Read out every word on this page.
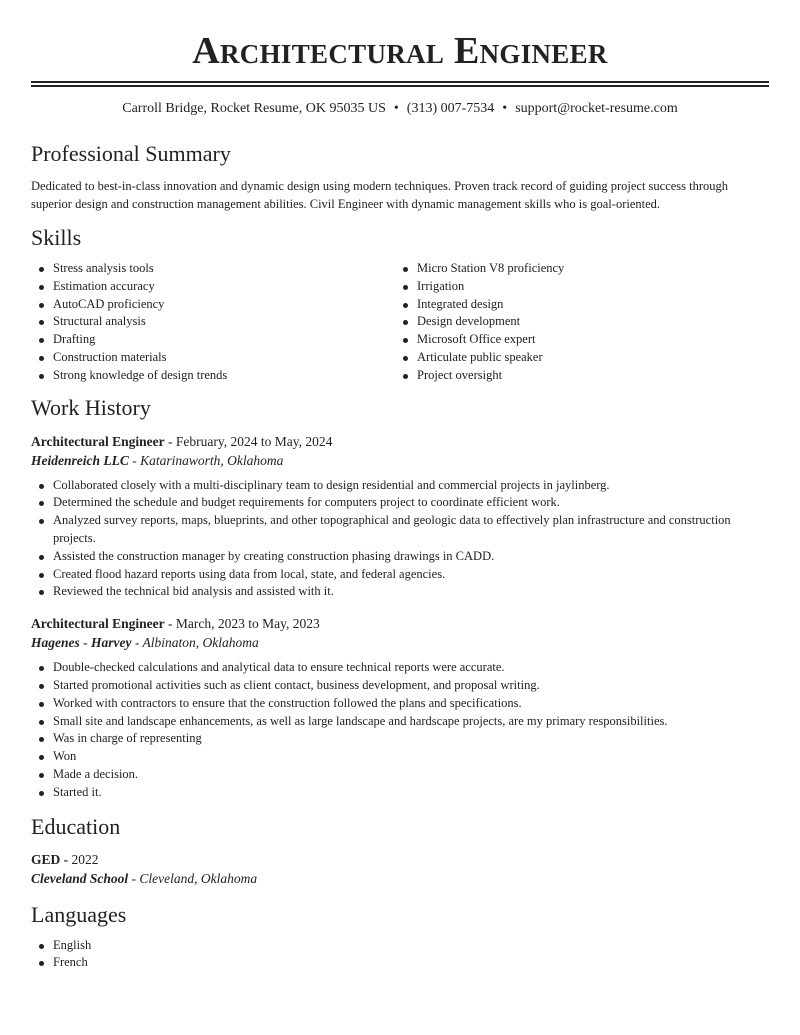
Architectural Engineer
Carroll Bridge, Rocket Resume, OK 95035 US • (313) 007-7534 • support@rocket-resume.com
Professional Summary

Dedicated to best-in-class innovation and dynamic design using modern techniques. Proven track record of guiding project success through superior design and construction management abilities. Civil Engineer with dynamic management skills who is goal-oriented.

Skills
Stress analysis tools
Estimation accuracy
AutoCAD proficiency
Structural analysis
Drafting
Construction materials
Strong knowledge of design trends
Micro Station V8 proficiency
Irrigation
Integrated design
Design development
Microsoft Office expert
Articulate public speaker
Project oversight
Work History
Architectural Engineer - February, 2024 to May, 2024
Heidenreich LLC - Katarinaworth, Oklahoma
Collaborated closely with a multi-disciplinary team to design residential and commercial projects in jaylinberg.
Determined the schedule and budget requirements for computers project to coordinate efficient work.
Analyzed survey reports, maps, blueprints, and other topographical and geologic data to effectively plan infrastructure and construction projects.
Assisted the construction manager by creating construction phasing drawings in CADD.
Created flood hazard reports using data from local, state, and federal agencies.
Reviewed the technical bid analysis and assisted with it.
Architectural Engineer - March, 2023 to May, 2023
Hagenes - Harvey - Albinaton, Oklahoma
Double-checked calculations and analytical data to ensure technical reports were accurate.
Started promotional activities such as client contact, business development, and proposal writing.
Worked with contractors to ensure that the construction followed the plans and specifications.
Small site and landscape enhancements, as well as large landscape and hardscape projects, are my primary responsibilities.
Was in charge of representing
Won
Made a decision.
Started it.
Education
GED - 2022
Cleveland School - Cleveland, Oklahoma
Languages
English
French
